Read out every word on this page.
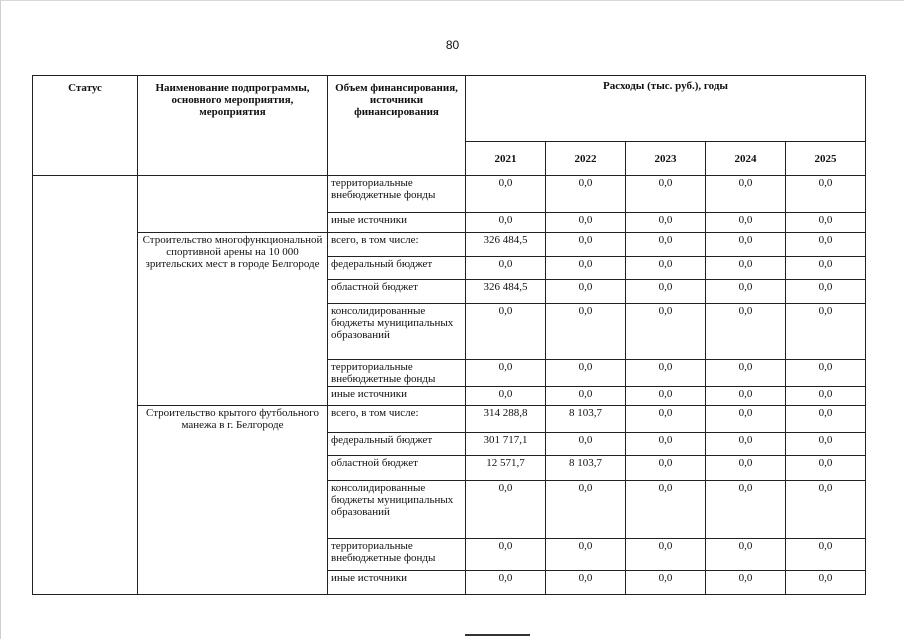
80
Статус	Наименование подпрограммы, основного мероприятия, мероприятия	Объем финансирования, источники финансирования	Расходы (тыс. руб.), годы				
			2021	2022	2023	2024	2025
		территориальные внебюджетные фонды	0,0	0,0	0,0	0,0	0,0
		иные источники	0,0	0,0	0,0	0,0	0,0
	Строительство многофункциональной спортивной арены на 10 000 зрительских мест в городе Белгороде	всего, в том числе:	326 484,5	0,0	0,0	0,0	0,0
		федеральный бюджет	0,0	0,0	0,0	0,0	0,0
		областной бюджет	326 484,5	0,0	0,0	0,0	0,0
		консолидированные бюджеты муниципальных образований	0,0	0,0	0,0	0,0	0,0
		территориальные внебюджетные фонды	0,0	0,0	0,0	0,0	0,0
		иные источники	0,0	0,0	0,0	0,0	0,0
	Строительство крытого футбольного манежа в г. Белгороде	всего, в том числе:	314 288,8	8 103,7	0,0	0,0	0,0
		федеральный бюджет	301 717,1	0,0	0,0	0,0	0,0
		областной бюджет	12 571,7	8 103,7	0,0	0,0	0,0
		консолидированные бюджеты муниципальных образований	0,0	0,0	0,0	0,0	0,0
		территориальные внебюджетные фонды	0,0	0,0	0,0	0,0	0,0
		иные источники	0,0	0,0	0,0	0,0	0,0
